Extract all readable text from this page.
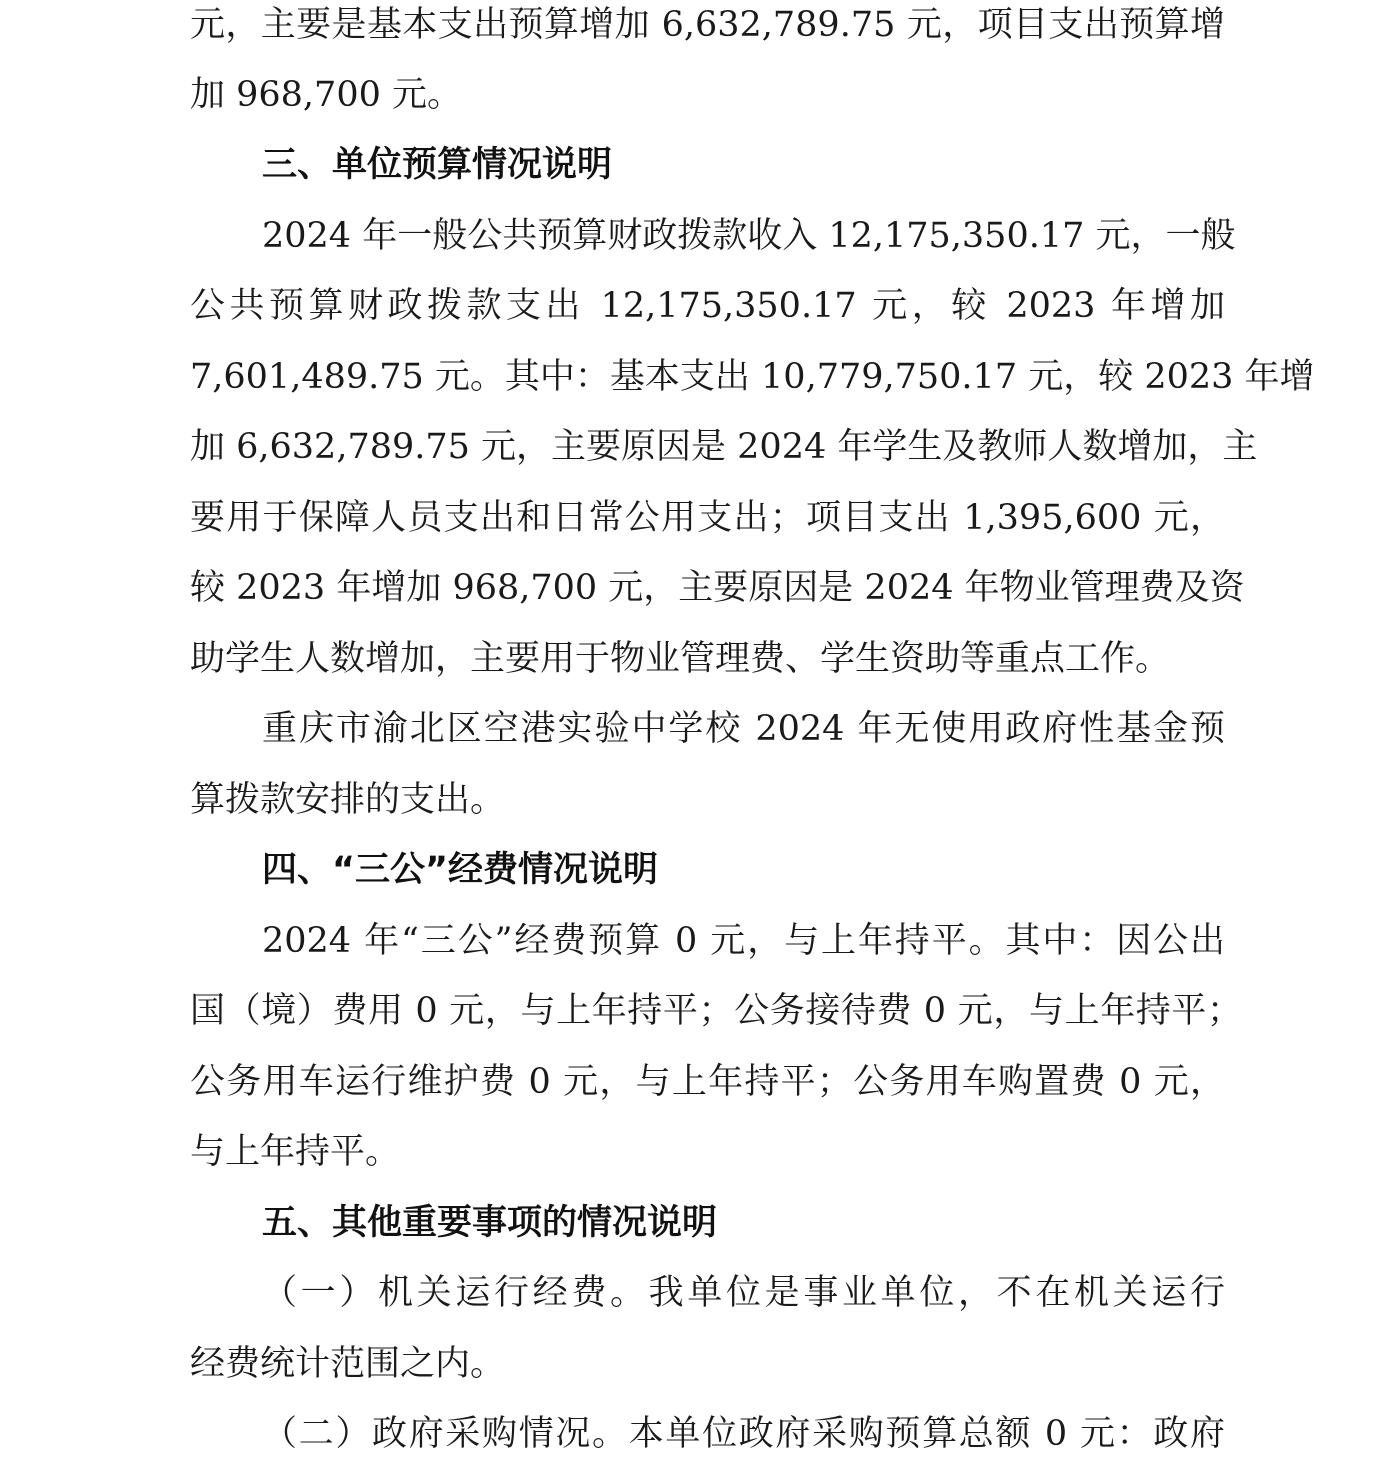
元，主要是基本支出预算增加 6,632,789.75 元，项目支出预算增
加 968,700 元。
三、单位预算情况说明
2024 年一般公共预算财政拨款收入 12,175,350.17 元，一般
公共预算财政拨款支出 12,175,350.17 元，较 2023 年增加
7,601,489.75 元。其中：基本支出 10,779,750.17 元，较 2023 年增
加 6,632,789.75 元，主要原因是 2024 年学生及教师人数增加，主
要用于保障人员支出和日常公用支出；项目支出 1,395,600 元，
较 2023 年增加 968,700 元，主要原因是 2024 年物业管理费及资
助学生人数增加，主要用于物业管理费、学生资助等重点工作。
重庆市渝北区空港实验中学校 2024 年无使用政府性基金预
算拨款安排的支出。
四、“三公”经费情况说明
2024 年“三公”经费预算 0 元，与上年持平。其中：因公出
国（境）费用 0 元，与上年持平；公务接待费 0 元，与上年持平；
公务用车运行维护费 0 元，与上年持平；公务用车购置费 0 元，
与上年持平。
五、其他重要事项的情况说明
（一）机关运行经费。我单位是事业单位，不在机关运行
经费统计范围之内。
（二）政府采购情况。本单位政府采购预算总额 0 元：政府
